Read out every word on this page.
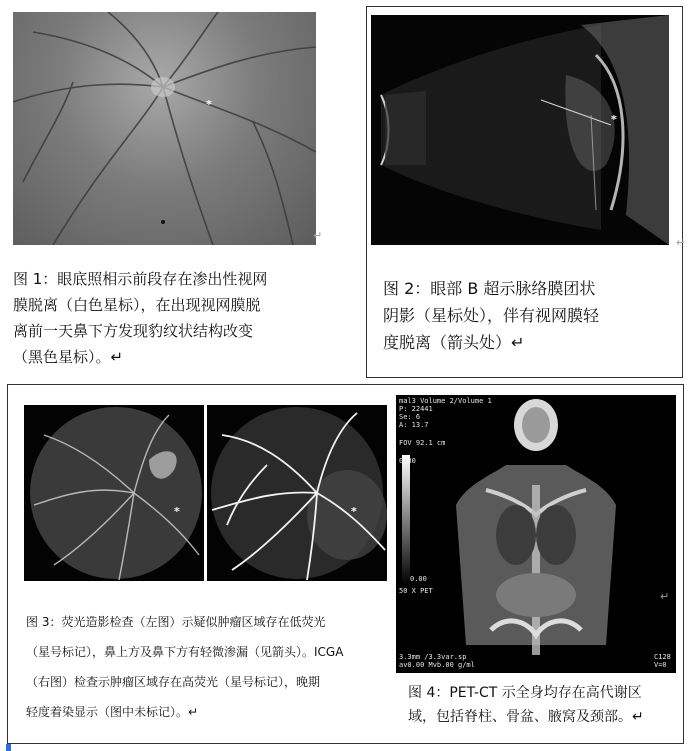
*
↵
图 1：眼底照相示前段存在渗出性视网
膜脱离（白色星标），在出现视网膜脱
离前一天鼻下方发现豹纹状结构改变
（黑色星标）。↵
*
图 2：眼部 B 超示脉络膜团状
阴影（星标处），伴有视网膜轻
度脱离（箭头处）↵
↵
*	*
图 3：荧光造影检查（左图）示疑似肿瘤区域存在低荧光
（星号标记），鼻上方及鼻下方有轻微渗漏（见箭头）。ICGA
（右图）检查示肿瘤区域存在高荧光（星号标记），晚期
轻度着染显示（图中未标记）。↵
mal3 Volume 2/Volume 1
P: 22441
Se: 6
A: 13.7
FOV 92.1 cm
0/30
0.00
50 X PET
3.3mm /3.3var.sp
av0.00 Mvb.00 g/ml
C128
V=0
图 4：PET-CT 示全身均存在高代谢区
域，包括脊柱、骨盆、腋窝及颈部。↵
↵
